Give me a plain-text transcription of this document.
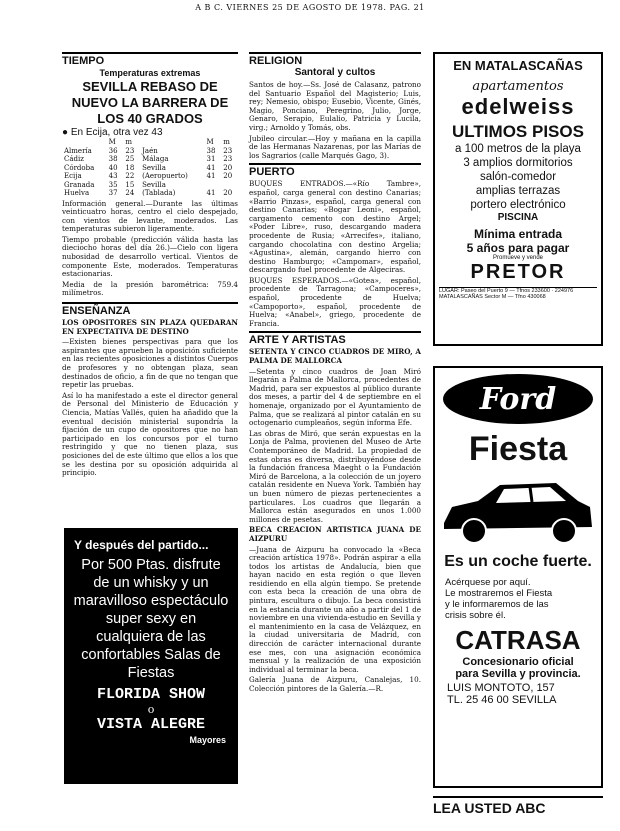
A B C. VIERNES 25 DE AGOSTO DE 1978. PAG. 21
TIEMPO
Temperaturas extremas
SEVILLA REBASO DE NUEVO LA BARRERA DE LOS 40 GRADOS
● En Ecija, otra vez 43
	M	m		M	m
Almería	36	23	Jaén	38	23
Cádiz	38	25	Málaga	31	23
Córdoba	40	18	Sevilla	41	20
Ecija	43	22	(Aeropuerto)	41	20
Granada	35	15	Sevilla		
Huelva	37	24	(Tablada)	41	20
Información general.—Durante las últimas veinticuatro horas, centro el cielo despejado, con vientos de levante, moderados. Las temperaturas subieron ligeramente.
Tiempo probable (predicción válida hasta las dieciocho horas del día 26.)—Cielo con ligera nubosidad de desarrollo vertical. Vientos de componente Este, moderados. Temperaturas estacionarias.
Media de la presión barométrica: 759.4 milímetros.
ENSEÑANZA
LOS OPOSITORES SIN PLAZA QUEDARAN EN EXPECTATIVA DE DESTINO
—Existen bienes perspectivas para que los aspirantes que aprueben la oposición suficiente en las recientes oposiciones a distintos Cuerpos de profesores y no obtengan plaza, sean destinados de oficio, a fin de que no tengan que repetir las pruebas.
Así lo ha manifestado a este el director general de Personal del Ministerio de Educación y Ciencia, Matías Vallés, quien ha añadido que la eventual decisión ministerial supondría la fijación de un cupo de opositores que no han participado en los concursos por el turno restringido y que no tienen plaza, sus posiciones del de este último que ellos a los que se les destina por su oposición adquirida al principio.
Y después del partido...
Por 500 Ptas. disfrute de un whisky y un maravilloso espectáculo super sexy en cualquiera de las confortables Salas de Fiestas
FLORIDA SHOW
o
VISTA ALEGRE
Mayores
RELIGION
Santoral y cultos
Santos de hoy.—Ss. José de Calasanz, patrono del Santuario Español del Magisterio; Luis, rey; Nemesio, obispo; Eusebio, Vicente, Ginés, Magio, Ponciano, Peregrino, Julio, Jorge, Genaro, Serapio, Eulalio, Patricia y Lucila, virg.; Arnoldo y Tomás, obs.
Jubileo circular.—Hoy y mañana en la capilla de las Hermanas Nazarenas, por las Marías de los Sagrarios (calle Marqués Gago, 3).
PUERTO
BUQUES ENTRADOS.—«Río Tambre», español, carga general con destino Canarias; «Barrio Pinzas», español, carga general con destino Canarias; «Bogar Leoni», español, cargamento cemento con destino Argel; «Poder Libre», ruso, descargando madera procedente de Rusia; «Arrecifes», italiano, cargando chocolatina con destino Argelia; «Agustina», alemán, cargando hierro con destino Hamburgo; «Campomar», español, descargando fuel procedente de Algeciras.
BUQUES ESPERADOS.—«Gotea», español, procedente de Tarragona; «Campoceres», español, procedente de Huelva; «Campoporto», español, procedente de Huelva; «Anabel», griego, procedente de Francia.
ARTE Y ARTISTAS
SETENTA Y CINCO CUADROS DE MIRO, A PALMA DE MALLORCA
—Setenta y cinco cuadros de Joan Miró llegarán a Palma de Mallorca, procedentes de Madrid, para ser expuestos al público durante dos meses, a partir del 4 de septiembre en el homenaje, organizado por el Ayuntamiento de Palma, que se realizará al pintor catalán en su octogenario cumpleaños, según informa Efe.
Las obras de Miró, que serán expuestas en la Lonja de Palma, provienen del Museo de Arte Contemporáneo de Madrid. La propiedad de estas obras es diversa, distribuyéndose desde la fundación francesa Maeght o la Fundación Miró de Barcelona, a la colección de un joyero catalán residente en Nueva York. También hay un buen número de piezas pertenecientes a particulares. Los cuadros que llegarán a Mallorca están asegurados en unos 1.000 millones de pesetas.
BECA CREACION ARTISTICA JUANA DE AIZPURU
—Juana de Aizpuru ha convocado la «Beca creación artística 1978». Podrán aspirar a ella todos los artistas de Andalucía, bien que hayan nacido en esta región o que lleven residiendo en ella algún tiempo. Se pretende con esta beca la creación de una obra de pintura, escultura o dibujo. La beca consistirá en la estancia durante un año a partir del 1 de noviembre en una vivienda-estudio en Sevilla y el mantenimiento en la casa de Velázquez, en la ciudad universitaria de Madrid, con dirección de carácter internacional durante ese mes, con una asignación económica mensual y la realización de una exposición individual al terminar la beca.
Galería Juana de Aizpuru, Canalejas, 10. Colección pintores de la Galería.—R.
EN MATALASCAÑAS
apartamentos
edelweiss
ULTIMOS PISOS
a 100 metros de la playa
3 amplios dormitorios
salón-comedor
amplias terrazas
portero electrónico
PISCINA
Mínima entrada
5 años para pagar
Promueve y vende
PRETOR
LUGAR: Paseo del Puerto 9 — Tfnos 233600 · 224976
MATALASCAÑAS Sector M — Tfno 430068
Ford
Fiesta
Es un coche fuerte.
Acérquese por aquí.
Le mostraremos el Fiesta
y le informaremos de las
crisis sobre él.
CATRASA
Concesionario oficial
para Sevilla y provincia.
LUIS MONTOTO, 157
TL. 25 46 00 SEVILLA
LEA USTED ABC
